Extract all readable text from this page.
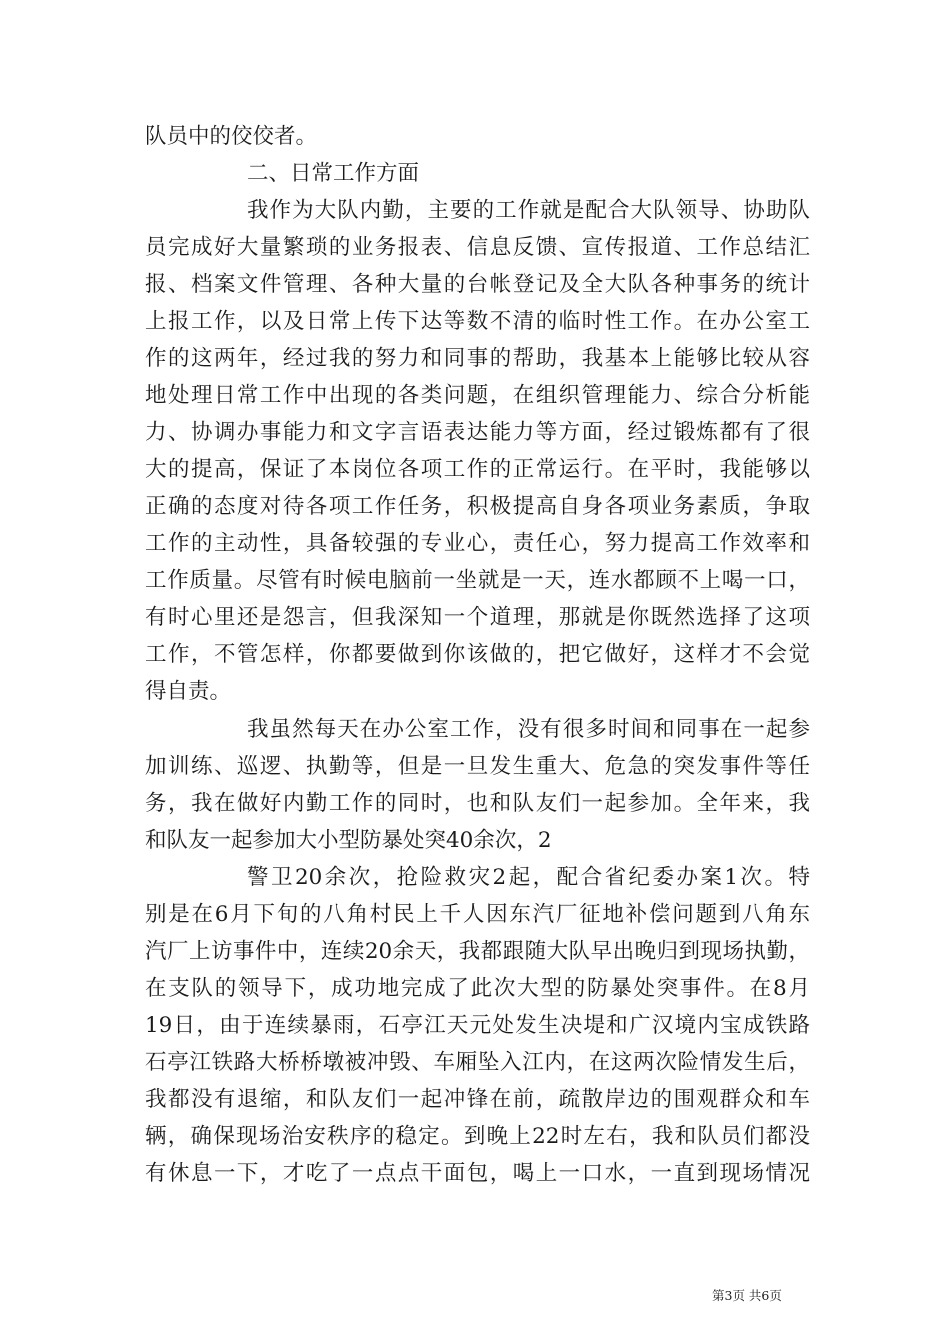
队员中的佼佼者。
二、日常工作方面
我作为大队内勤，主要的工作就是配合大队领导、协助队
员完成好大量繁琐的业务报表、信息反馈、宣传报道、工作总结汇
报、档案文件管理、各种大量的台帐登记及全大队各种事务的统计
上报工作，以及日常上传下达等数不清的临时性工作。在办公室工
作的这两年，经过我的努力和同事的帮助，我基本上能够比较从容
地处理日常工作中出现的各类问题，在组织管理能力、综合分析能
力、协调办事能力和文字言语表达能力等方面，经过锻炼都有了很
大的提高，保证了本岗位各项工作的正常运行。在平时，我能够以
正确的态度对待各项工作任务，积极提高自身各项业务素质，争取
工作的主动性，具备较强的专业心，责任心，努力提高工作效率和
工作质量。尽管有时候电脑前一坐就是一天，连水都顾不上喝一口，
有时心里还是怨言，但我深知一个道理，那就是你既然选择了这项
工作，不管怎样，你都要做到你该做的，把它做好，这样才不会觉
得自责。
我虽然每天在办公室工作，没有很多时间和同事在一起参
加训练、巡逻、执勤等，但是一旦发生重大、危急的突发事件等任
务，我在做好内勤工作的同时，也和队友们一起参加。全年来，我
和队友一起参加大小型防暴处突40余次，2
警卫20余次，抢险救灾2起，配合省纪委办案1次。特
别是在6月下旬的八角村民上千人因东汽厂征地补偿问题到八角东
汽厂上访事件中，连续20余天，我都跟随大队早出晚归到现场执勤，
在支队的领导下，成功地完成了此次大型的防暴处突事件。在8月
19日，由于连续暴雨，石亭江天元处发生决堤和广汉境内宝成铁路
石亭江铁路大桥桥墩被冲毁、车厢坠入江内，在这两次险情发生后，
我都没有退缩，和队友们一起冲锋在前，疏散岸边的围观群众和车
辆，确保现场治安秩序的稳定。到晚上22时左右，我和队员们都没
有休息一下，才吃了一点点干面包，喝上一口水，一直到现场情况
第3页 共6页
